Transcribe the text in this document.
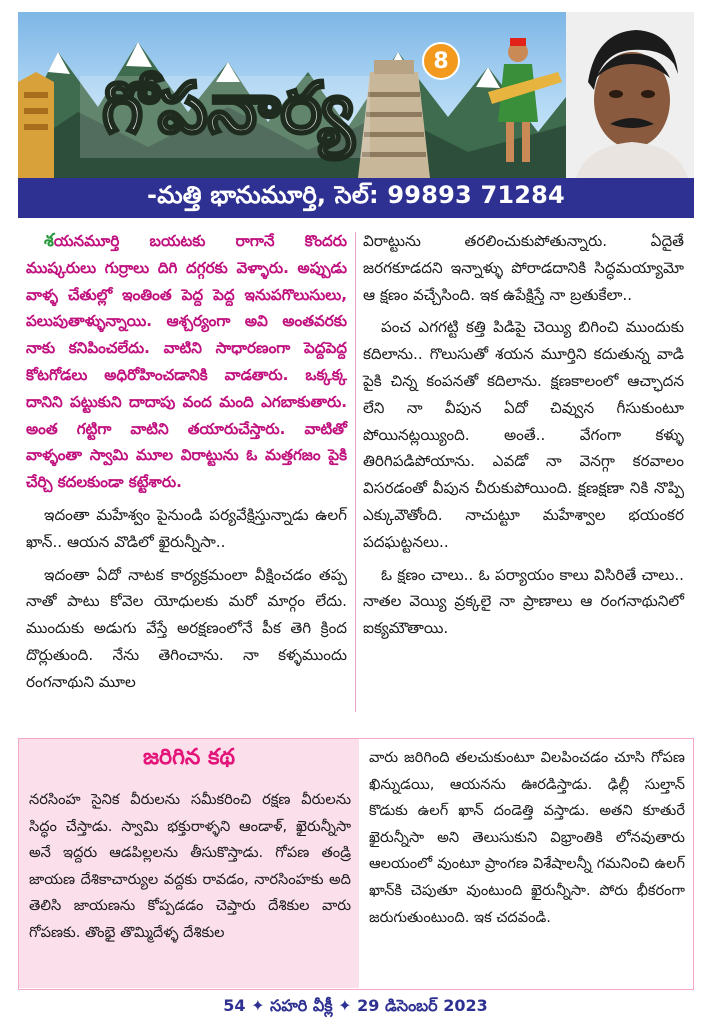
గోపనార్య
8
-మత్తి భానుమూర్తి, సెల్: 99893 71284

శయనమూర్తి బయటకు రాగానే కొందరు ముష్కరులు గుర్రాలు దిగి దగ్గరకు వెళ్ళారు. అప్పుడు వాళ్ళ చేతుల్లో ఇంతింత పెద్ద పెద్ద ఇనుపగొలుసులు, పలుపుతాళ్ళున్నాయి. ఆశ్చర్యంగా అవి అంతవరకు నాకు కనిపించలేదు. వాటిని సాధారణంగా పెద్దపెద్ద కోటగోడలు అధిరోహించడానికి వాడతారు. ఒక్కక్క దానిని పట్టుకుని దాదాపు వంద మంది ఎగబాకుతారు. అంత గట్టిగా వాటిని తయారుచేస్తారు. వాటితో వాళ్ళంతా స్వామి మూల విరాట్టును ఓ మత్తగజం పైకి చేర్చి కదలకుండా కట్టేశారు.

ఇదంతా మహేశ్వం పైనుండి పర్యవేక్షిస్తున్నాడు ఉలగ్ ఖాన్.. ఆయన వొడిలో ఖైరున్నీసా..

ఇదంతా ఏదో నాటక కార్యక్రమంలా వీక్షించడం తప్ప నాతో పాటు కోవెల యోధులకు మరో మార్గం లేదు. ముందుకు అడుగు వేస్తే అరక్షణంలోనే పీక తెగి క్రింద దొర్లుతుంది. నేను తెగించాను. నా కళ్ళముందు రంగనాథుని మూల

విరాట్టును తరలించుకుపోతున్నారు. ఏదైతే జరగకూడదని ఇన్నాళ్ళు పోరాడదానికి సిద్ధమయ్యామో ఆ క్షణం వచ్చేసింది. ఇక ఉపేక్షిస్తే నా బ్రతుకేలా..

పంచ ఎగగట్టి కత్తి పిడిపై చెయ్యి బిగించి ముందుకు కదిలాను.. గొలుసుతో శయన మూర్తిని కదుతున్న వాడి పైకి చిన్న కంపనతో కదిలాను. క్షణకాలంలో ఆచ్ఛాదన లేని నా వీపున ఏదో చివ్వున గీసుకుంటూ పోయినట్లయ్యింది. అంతే.. వేగంగా కళ్ళు తిరిగిపడిపోయాను. ఎవడో నా వెనగ్గా కరవాలం విసరడంతో వీపున చీరుకుపోయింది. క్షణక్షణా నికి నొప్పి ఎక్కువౌతోంది. నాచుట్టూ మహేశ్వాల భయంకర పదఘట్టనలు..

ఓ క్షణం చాలు.. ఓ పర్యాయం కాలు విసిరితే చాలు.. నాతల వెయ్యి వ్రక్కలై నా ప్రాణాలు ఆ రంగనాథునిలో ఐక్యమౌతాయి.

జరిగిన కథ

నరసింహ సైనిక వీరులను సమీకరించి రక్షణ వీరులను సిద్ధం చేస్తాడు. స్వామి భక్తురాళ్ళని ఆండాళ్, ఖైరున్నీసా అనే ఇద్దరు ఆడపిల్లలను తీసుకొస్తాడు. గోపణ తండ్రి జాయణ దేశికాచార్యుల వద్దకు రావడం, నారసింహకు అది తెలిసి జాయణను కోప్పడడం చెప్తారు దేశికుల వారు గోపణకు. తొంభై తొమ్మిదేళ్ళ దేశికుల

వారు జరిగింది తలచుకుంటూ విలపించడం చూసి గోపణ ఖిన్నుడయి, ఆయనను ఊరడిస్తాడు. ఢిల్లీ సుల్తాన్ కొడుకు ఉలగ్ ఖాన్ దండెత్తి వస్తాడు. అతని కూతురే ఖైరున్నీసా అని తెలుసుకుని విభ్రాంతికి లోనవుతారు ఆలయంలో వుంటూ ప్రాంగణ విశేషాలన్నీ గమనించి ఉలగ్ ఖాన్‌కి చెపుతూ వుంటుంది ఖైరున్నీసా. పోరు భీకరంగా జరుగుతుంటుంది. ఇక చదవండి.

54 ✦ సహరి వీక్లీ ✦ 29 డిసెంబర్ 2023
